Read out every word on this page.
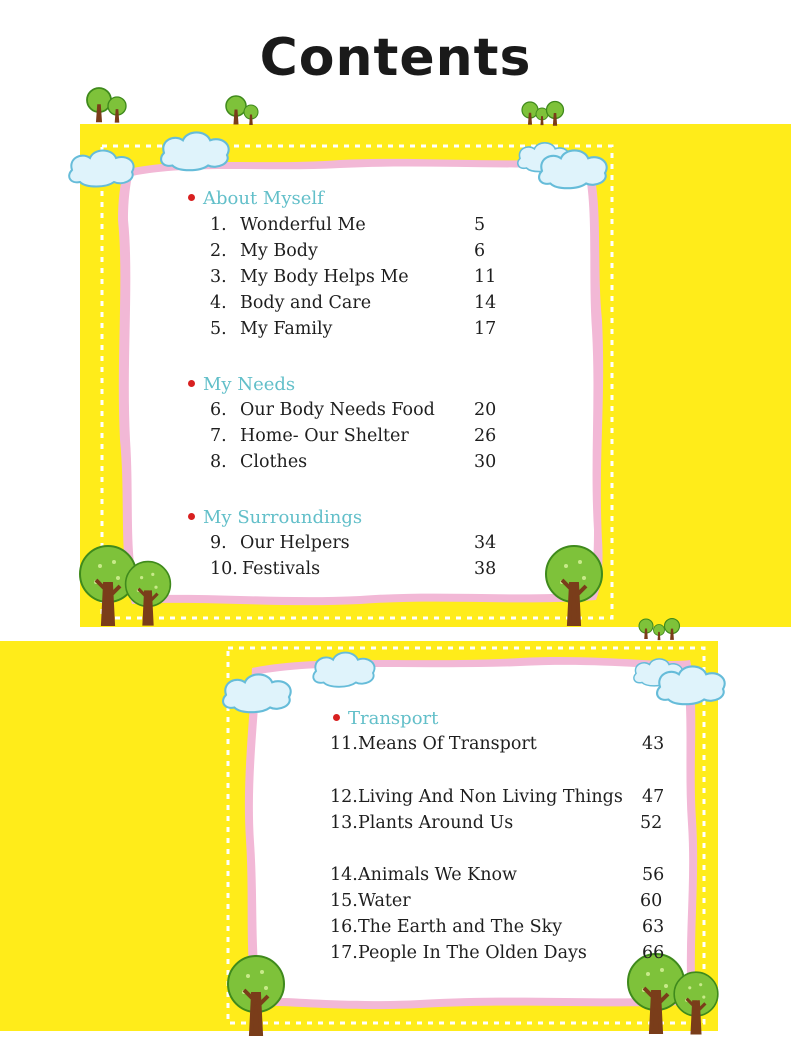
Contents
About Myself
1. Wonderful Me	5
2. My Body	6
3. My Body Helps Me	11
4. Body and Care	14
5. My Family	17
My Needs
6. Our Body Needs Food 20
7. Home- Our Shelter	26
8. Clothes	30
My Surroundings
9. Our Helpers	34
10. Festivals	38
Transport
11. Means Of Transport	43
12. Living And Non Living Things 47
13. Plants Around Us	52
14. Animals We Know	56
15. Water	60
16. The Earth and The Sky	63
17. People In The Olden Days	66
